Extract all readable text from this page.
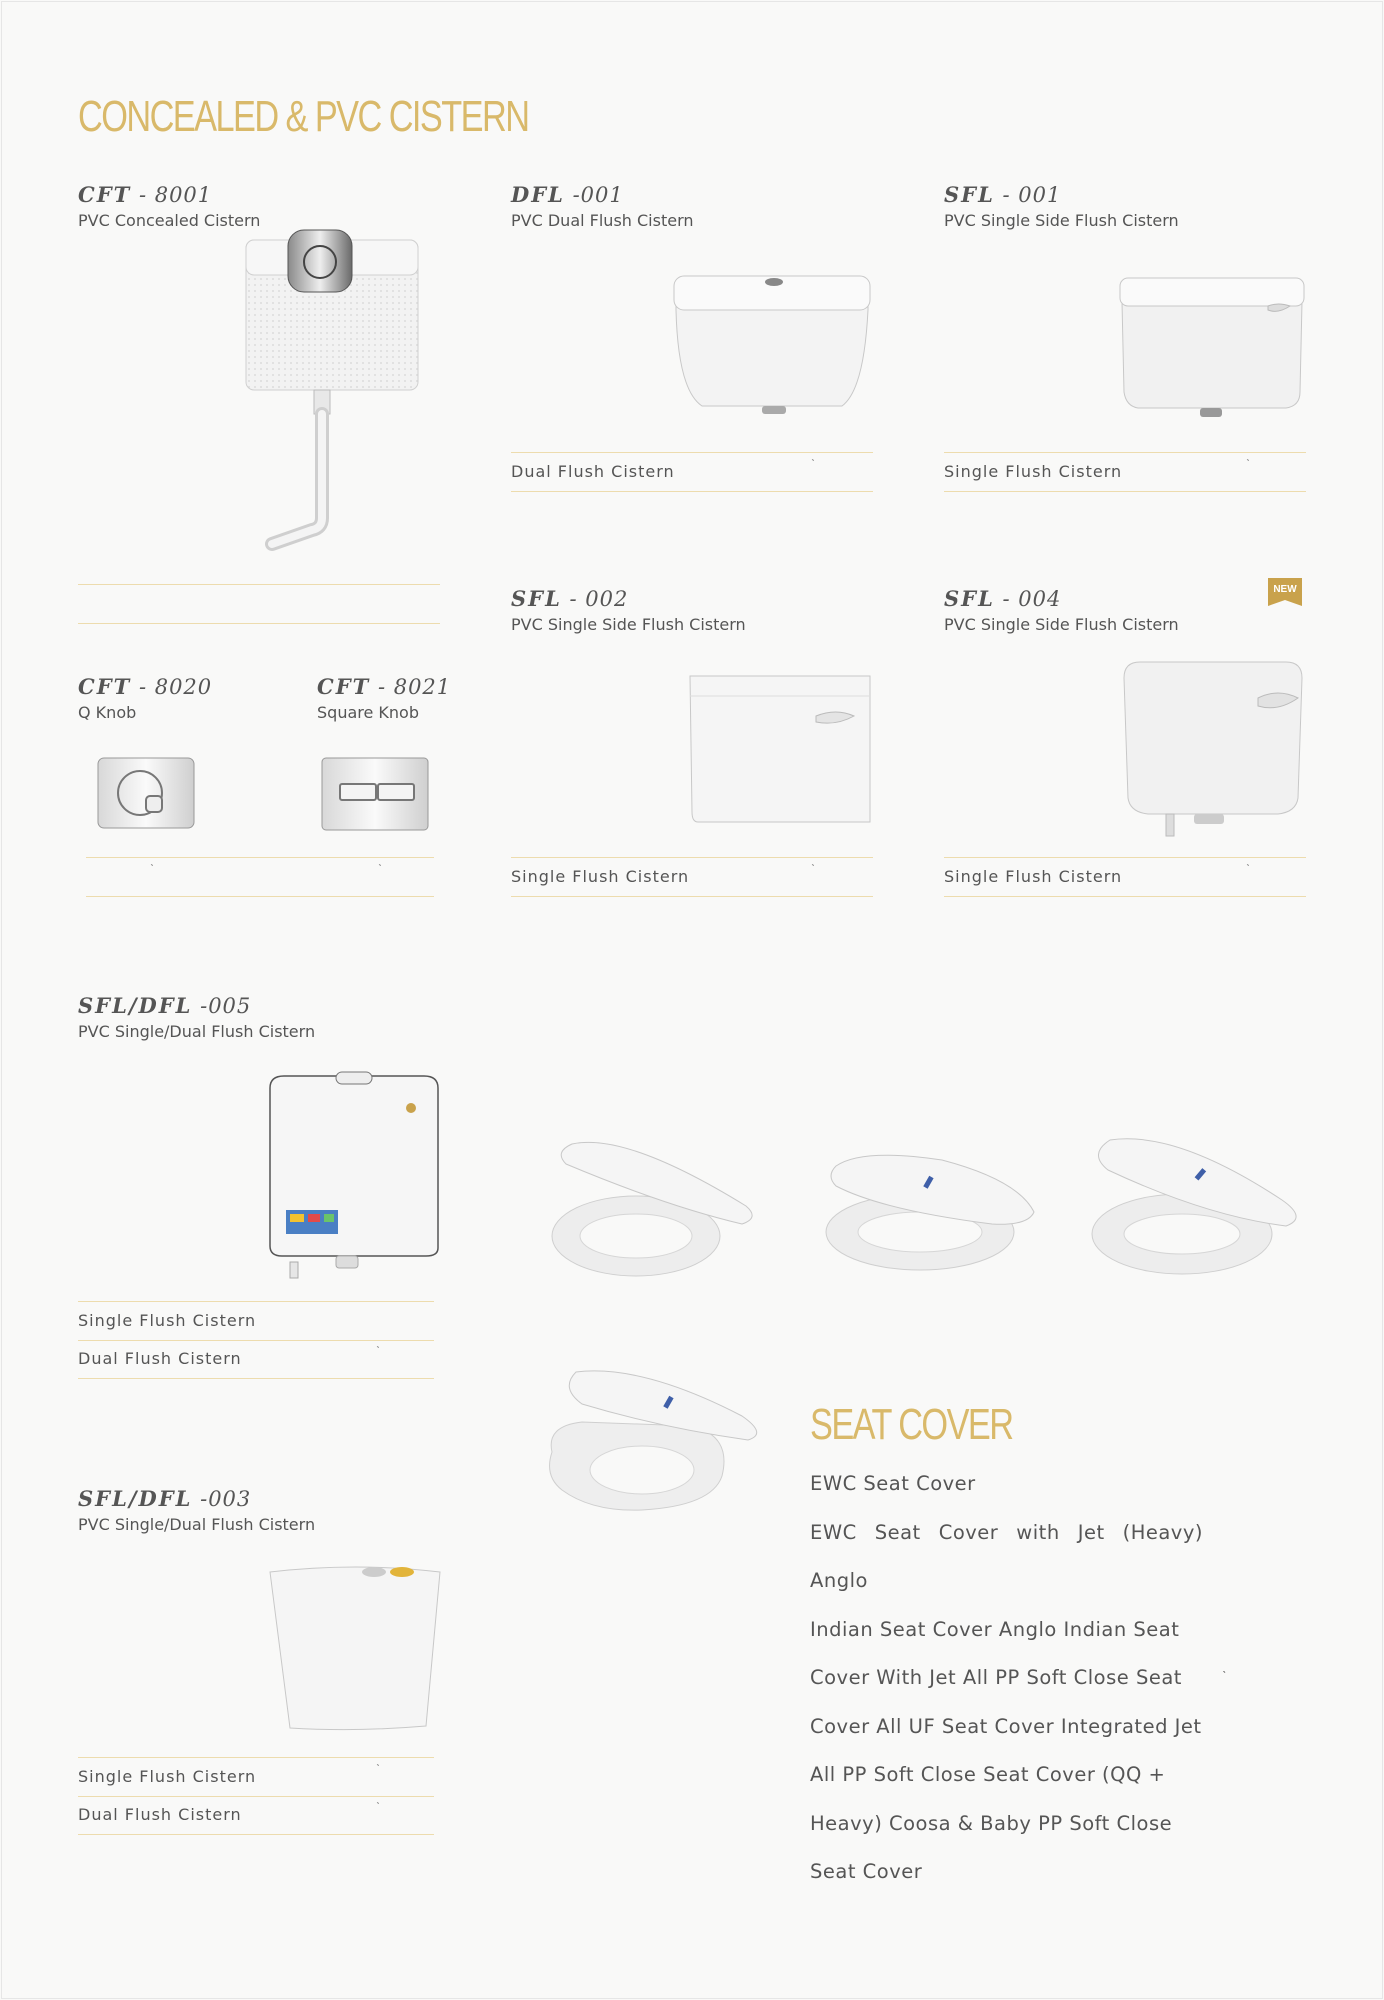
CONCEALED & PVC CISTERN
CFT - 8001
PVC Concealed Cistern
DFL -001
PVC Dual Flush Cistern
Dual Flush Cistern	ˋ
SFL - 001
PVC Single Side Flush Cistern
Single Flush Cistern	ˋ
SFL - 002
PVC Single Side Flush Cistern
Single Flush Cistern	ˋ
SFL - 004
PVC Single Side Flush Cistern
NEW
Single Flush Cistern	ˋ
CFT - 8020
Q Knob
CFT - 8021
Square Knob
ˋ	ˋ
SFL/DFL -005
PVC Single/Dual Flush Cistern
Single Flush Cistern
Dual Flush Cistern	ˋ
SFL/DFL -003
PVC Single/Dual Flush Cistern
Single Flush Cistern	ˋ
Dual Flush Cistern	ˋ
SEAT COVER

EWC Seat Cover

EWC Seat Cover with Jet (Heavy) Anglo

Indian Seat Cover Anglo Indian Seat

Cover With Jet All PP Soft Close Seat

Cover All UF Seat Cover Integrated Jet

All PP Soft Close Seat Cover (QQ +

Heavy) Coosa & Baby PP Soft Close

Seat Cover

ˋ
